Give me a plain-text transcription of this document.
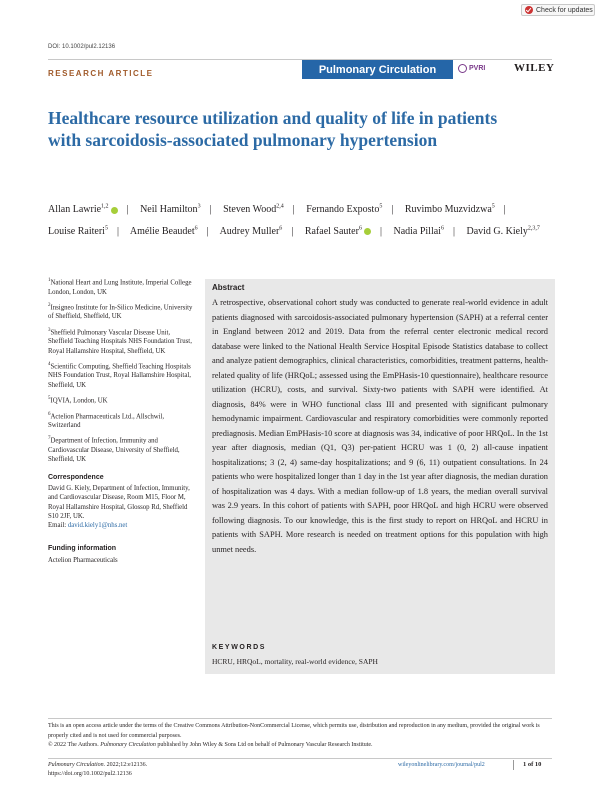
Check for updates
DOI: 10.1002/pul2.12136
RESEARCH ARTICLE	Pulmonary Circulation	PVRI	WILEY
Healthcare resource utilization and quality of life in patients with sarcoidosis-associated pulmonary hypertension
Allan Lawrie$^{1,2}$ | Neil Hamilton$^3$ | Steven Wood$^{2,4}$ | Fernando Exposto$^5$ | Ruvimbo Muzvidzwa$^5$ | Louise Raiteri$^5$ | Amélie Beaudet$^6$ | Audrey Muller$^6$ | Rafael Sauter$^6$ | Nadia Pillai$^6$ | David G. Kiely$^{2,3,7}$
$^1$National Heart and Lung Institute, Imperial College London, London, UK
$^2$Insigneo Institute for In-Silico Medicine, University of Sheffield, Sheffield, UK
$^3$Sheffield Pulmonary Vascular Disease Unit, Sheffield Teaching Hospitals NHS Foundation Trust, Royal Hallamshire Hospital, Sheffield, UK
$^4$Scientific Computing, Sheffield Teaching Hospitals NHS Foundation Trust, Royal Hallamshire Hospital, Sheffield, UK
$^5$IQVIA, London, UK
$^6$Actelion Pharmaceuticals Ltd., Allschwil, Switzerland
$^7$Department of Infection, Immunity and Cardiovascular Disease, University of Sheffield, Sheffield, UK
Correspondence
David G. Kiely, Department of Infection, Immunity, and Cardiovascular Disease, Room M15, Floor M, Royal Hallamshire Hospital, Glossop Rd, Sheffield S10 2JF, UK.
Email: david.kiely1@nhs.net
Funding information
Actelion Pharmaceuticals
Abstract
A retrospective, observational cohort study was conducted to generate real-world evidence in adult patients diagnosed with sarcoidosis-associated pulmonary hypertension (SAPH) at a referral center in England between 2012 and 2019. Data from the referral center electronic medical record database were linked to the National Health Service Hospital Episode Statistics database to collect and analyze patient demographics, clinical characteristics, comorbidities, treatment patterns, health-related quality of life (HRQoL; assessed using the EmPHasis-10 questionnaire), healthcare resource utilization (HCRU), costs, and survival. Sixty-two patients with SAPH were identified. At diagnosis, 84% were in WHO functional class III and presented with significant pulmonary hemodynamic impairment. Cardiovascular and respiratory comorbidities were commonly reported prediagnosis. Median EmPHasis-10 score at diagnosis was 34, indicative of poor HRQoL. In the 1st year after diagnosis, median (Q1, Q3) per-patient HCRU was 1 (0, 2) all-cause inpatient hospitalizations; 3 (2, 4) same-day hospitalizations; and 9 (6, 11) outpatient consultations. In 24 patients who were hospitalized longer than 1 day in the 1st year after diagnosis, the median duration of hospitalization was 4 days. With a median follow-up of 1.8 years, the median overall survival was 2.9 years. In this cohort of patients with SAPH, poor HRQoL and high HCRU were observed following diagnosis. To our knowledge, this is the first study to report on HRQoL and HCRU in patients with SAPH. More research is needed on treatment options for this population with high unmet needs.
KEYWORDS
HCRU, HRQoL, mortality, real-world evidence, SAPH
This is an open access article under the terms of the Creative Commons Attribution-NonCommercial License, which permits use, distribution and reproduction in any medium, provided the original work is properly cited and is not used for commercial purposes.
© 2022 The Authors. Pulmonary Circulation published by John Wiley & Sons Ltd on behalf of Pulmonary Vascular Research Institute.
Pulmonary Circulation. 2022;12:e12136.
https://doi.org/10.1002/pul2.12136
wileyonlinelibrary.com/journal/pul2	1 of 10
